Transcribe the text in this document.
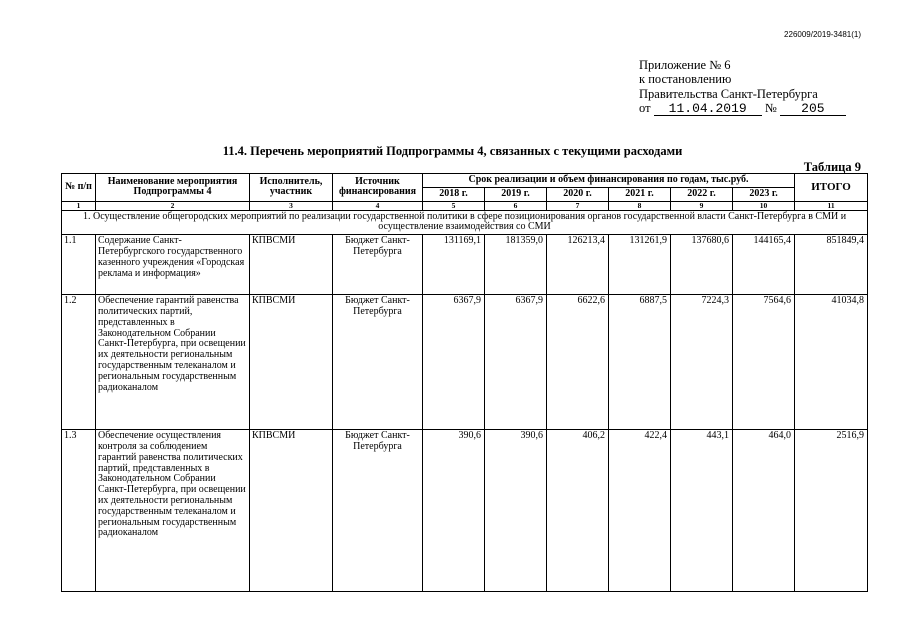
226009/2019-3481(1)
Приложение № 6
к постановлению
Правительства Санкт-Петербурга
от 11.04.2019 № 205
11.4. Перечень мероприятий Подпрограммы 4, связанных с текущими расходами
Таблица 9
№ п/п	Наименование мероприятия Подпрограммы 4	Исполнитель, участник	Источник финансирования	Срок реализации и объем финансирования по годам, тыс.руб.						ИТОГО
				2018 г.	2019 г.	2020 г.	2021 г.	2022 г.	2023 г.	
1	2	3	4	5	6	7	8	9	10	11
1. Осуществление общегородских мероприятий по реализации государственной политики в сфере позиционирования органов государственной власти Санкт-Петербурга в СМИ и осуществление взаимодействия со СМИ										
1.1	Содержание Санкт-Петербургского государственного казенного учреждения «Городская реклама и информация»	КПВСМИ	Бюджет Санкт-Петербурга	131169,1	181359,0	126213,4	131261,9	137680,6	144165,4	851849,4
1.2	Обеспечение гарантий равенства политических партий, представленных в Законодательном Собрании Санкт-Петербурга, при освещении их деятельности региональным государственным телеканалом и региональным государственным радиоканалом	КПВСМИ	Бюджет Санкт-Петербурга	6367,9	6367,9	6622,6	6887,5	7224,3	7564,6	41034,8
1.3	Обеспечение осуществления контроля за соблюдением гарантий равенства политических партий, представленных в Законодательном Собрании Санкт-Петербурга, при освещении их деятельности региональным государственным телеканалом и региональным государственным радиоканалом	КПВСМИ	Бюджет Санкт-Петербурга	390,6	390,6	406,2	422,4	443,1	464,0	2516,9
